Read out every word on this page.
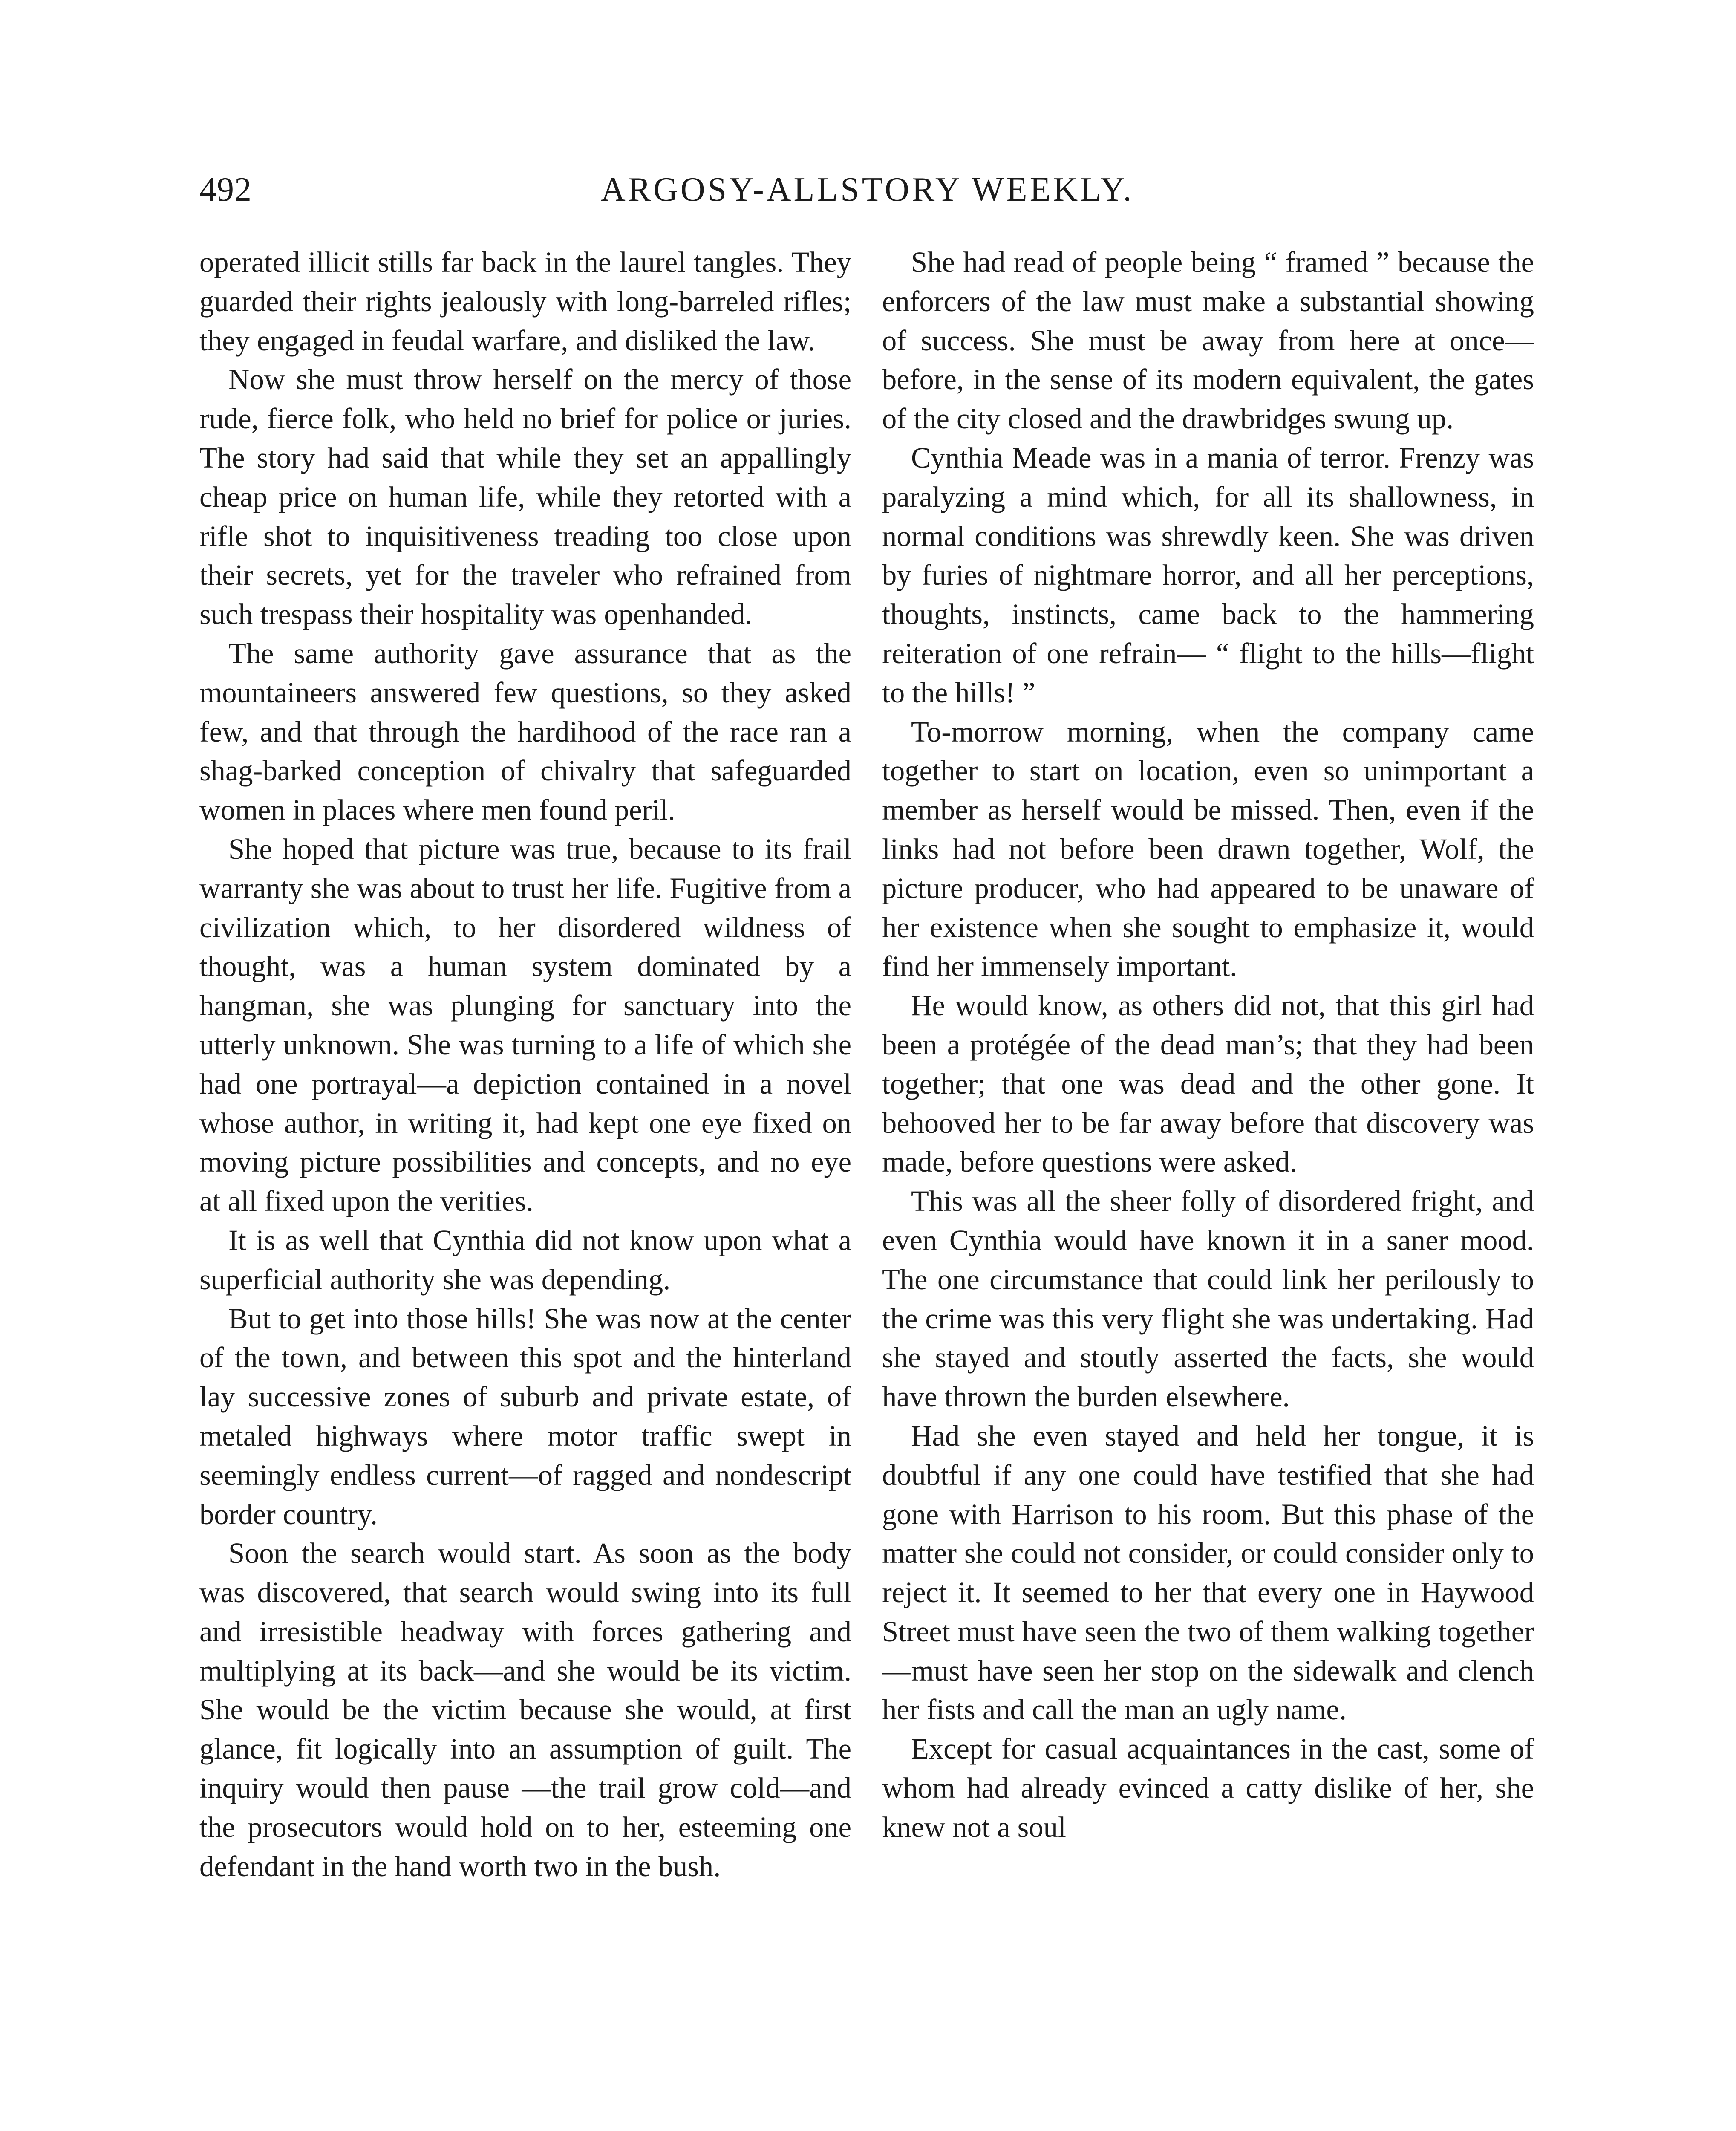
492	ARGOSY-ALLSTORY WEEKLY.

operated illicit stills far back in the laurel tangles. They guarded their rights jealously with long-barreled rifles; they engaged in feudal warfare, and disliked the law.

Now she must throw herself on the mercy of those rude, fierce folk, who held no brief for police or juries. The story had said that while they set an appallingly cheap price on human life, while they retorted with a rifle shot to inquisitiveness treading too close upon their secrets, yet for the traveler who refrained from such trespass their hospitality was openhanded.

The same authority gave assurance that as the mountaineers answered few questions, so they asked few, and that through the hardihood of the race ran a shag-barked conception of chivalry that safeguarded women in places where men found peril.

She hoped that picture was true, because to its frail warranty she was about to trust her life. Fugitive from a civilization which, to her disordered wildness of thought, was a human system dominated by a hangman, she was plunging for sanctuary into the utterly unknown. She was turning to a life of which she had one portrayal—a depiction contained in a novel whose author, in writing it, had kept one eye fixed on moving picture possibilities and concepts, and no eye at all fixed upon the verities.

It is as well that Cynthia did not know upon what a superficial authority she was depending.

But to get into those hills! She was now at the center of the town, and between this spot and the hinterland lay successive zones of suburb and private estate, of metaled highways where motor traffic swept in seemingly endless current—of ragged and nondescript border country.

Soon the search would start. As soon as the body was discovered, that search would swing into its full and irresistible headway with forces gathering and multiplying at its back—and she would be its victim. She would be the victim because she would, at first glance, fit logically into an assumption of guilt. The inquiry would then pause —the trail grow cold—and the prosecutors would hold on to her, esteeming one defendant in the hand worth two in the bush.

She had read of people being “ framed ” because the enforcers of the law must make a substantial showing of success. She must be away from here at once—before, in the sense of its modern equivalent, the gates of the city closed and the drawbridges swung up.

Cynthia Meade was in a mania of terror. Frenzy was paralyzing a mind which, for all its shallowness, in normal conditions was shrewdly keen. She was driven by furies of nightmare horror, and all her perceptions, thoughts, instincts, came back to the hammering reiteration of one refrain— “ flight to the hills—flight to the hills! ”

To-morrow morning, when the company came together to start on location, even so unimportant a member as herself would be missed. Then, even if the links had not before been drawn together, Wolf, the picture producer, who had appeared to be unaware of her existence when she sought to emphasize it, would find her immensely important.

He would know, as others did not, that this girl had been a protégée of the dead man’s; that they had been together; that one was dead and the other gone. It behooved her to be far away before that discovery was made, before questions were asked.

This was all the sheer folly of disordered fright, and even Cynthia would have known it in a saner mood. The one circumstance that could link her perilously to the crime was this very flight she was undertaking. Had she stayed and stoutly asserted the facts, she would have thrown the burden elsewhere.

Had she even stayed and held her tongue, it is doubtful if any one could have testified that she had gone with Harrison to his room. But this phase of the matter she could not consider, or could consider only to reject it. It seemed to her that every one in Haywood Street must have seen the two of them walking together—must have seen her stop on the sidewalk and clench her fists and call the man an ugly name.

Except for casual acquaintances in the cast, some of whom had already evinced a catty dislike of her, she knew not a soul
